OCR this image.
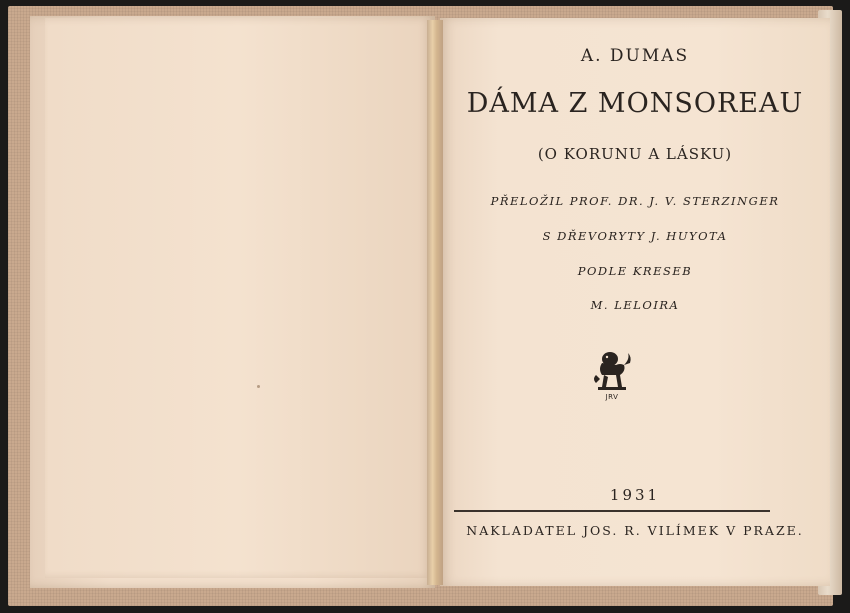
A. DUMAS
DÁMA Z MONSOREAU
(O KORUNU A LÁSKU)
PŘELOŽIL PROF. DR. J. V. STERZINGER
S DŘEVORYTY J. HUYOTA
PODLE KRESEB
M. LELOIRA
JRV
1931
NAKLADATEL JOS. R. VILÍMEK V PRAZE.
